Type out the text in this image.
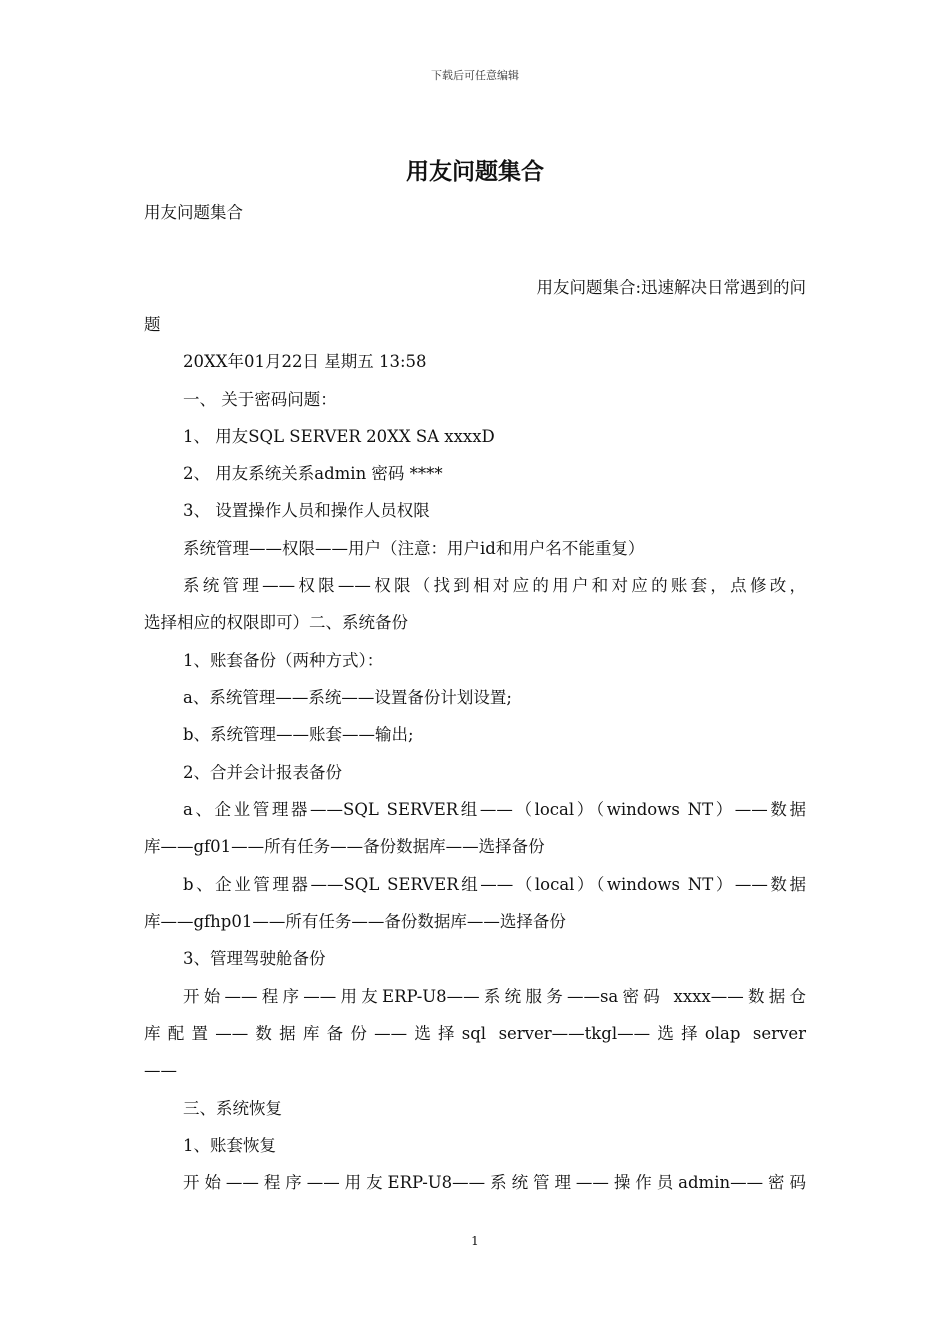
下载后可任意编辑
用友问题集合
用友问题集合
用友问题集合:迅速解决日常遇到的问
题
20XX年01月22日 星期五 13:58
一、 关于密码问题：
1、 用友SQL SERVER 20XX SA xxxxD
2、 用友系统关系admin 密码 ****
3、 设置操作人员和操作人员权限
系统管理——权限——用户（注意：用户id和用户名不能重复）
系统管理——权限——权限（找到相对应的用户和对应的账套，点修改，
选择相应的权限即可）二、系统备份
1、账套备份（两种方式）：
a、系统管理——系统——设置备份计划设置;
b、系统管理——账套——输出;
2、合并会计报表备份
a、企业管理器——SQL SERVER组——（local）（windows NT）——数据
库——gf01——所有任务——备份数据库——选择备份
b、企业管理器——SQL SERVER组——（local）（windows NT）——数据
库——gfhp01——所有任务——备份数据库——选择备份
3、管理驾驶舱备份
开始——程序——用友ERP-U8——系统服务——sa密码 xxxx——数据仓
库配置——数据库备份——选择sql server——tkgl——选择olap server
——
三、系统恢复
1、账套恢复
开始——程序——用友ERP-U8——系统管理——操作员admin——密码
1
